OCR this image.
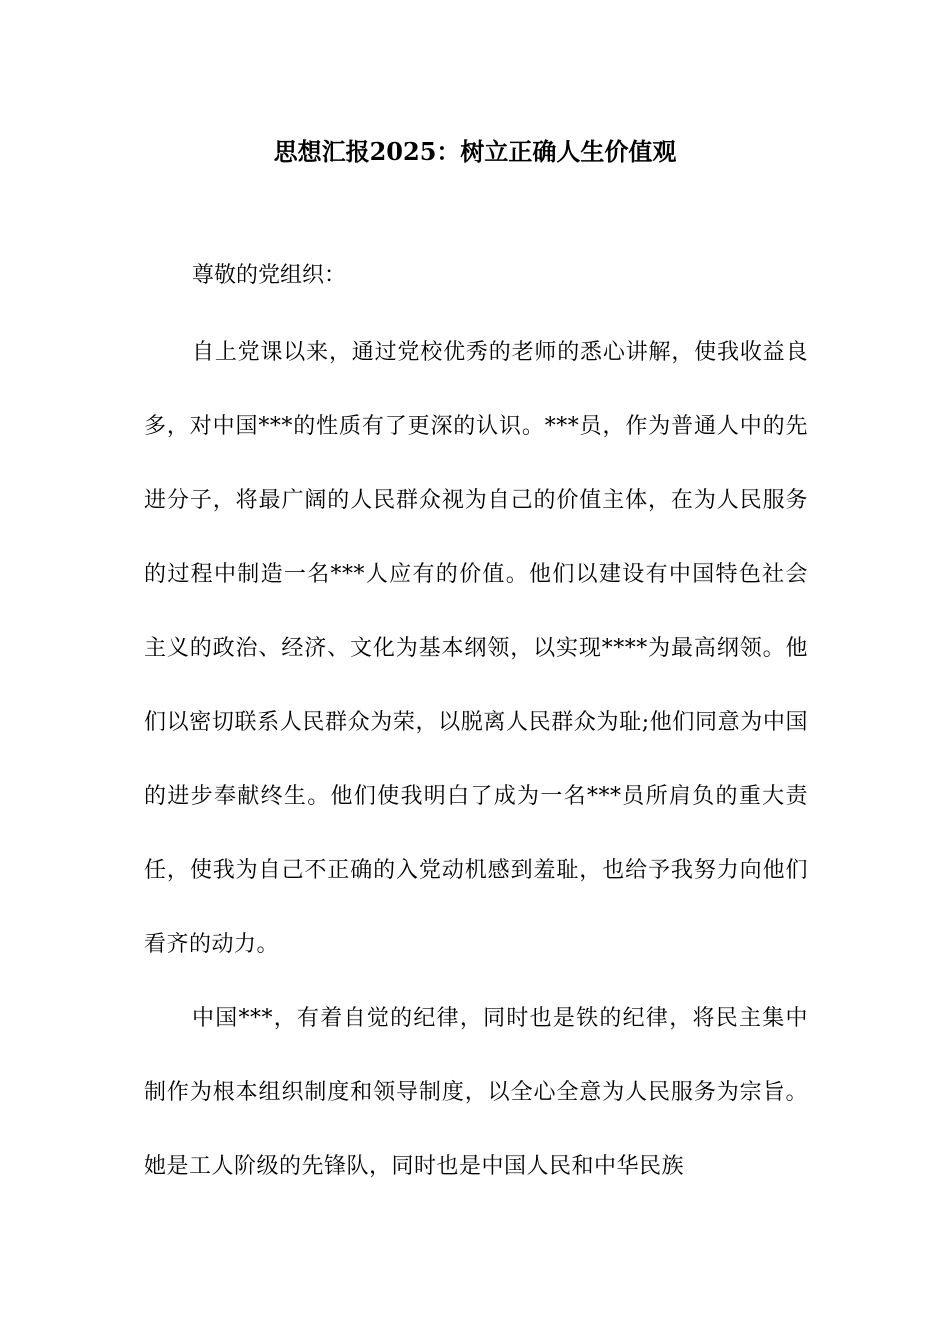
思想汇报2025：树立正确人生价值观

尊敬的党组织：

自上党课以来，通过党校优秀的老师的悉心讲解，使我收益良多，对中国***的性质有了更深的认识。***员，作为普通人中的先进分子，将最广阔的人民群众视为自己的价值主体，在为人民服务的过程中制造一名***人应有的价值。他们以建设有中国特色社会主义的政治、经济、文化为基本纲领，以实现****为最高纲领。他们以密切联系人民群众为荣，以脱离人民群众为耻;他们同意为中国的进步奉献终生。他们使我明白了成为一名***员所肩负的重大责任，使我为自己不正确的入党动机感到羞耻，也给予我努力向他们看齐的动力。

中国***，有着自觉的纪律，同时也是铁的纪律，将民主集中制作为根本组织制度和领导制度，以全心全意为人民服务为宗旨。她是工人阶级的先锋队，同时也是中国人民和中华民族
